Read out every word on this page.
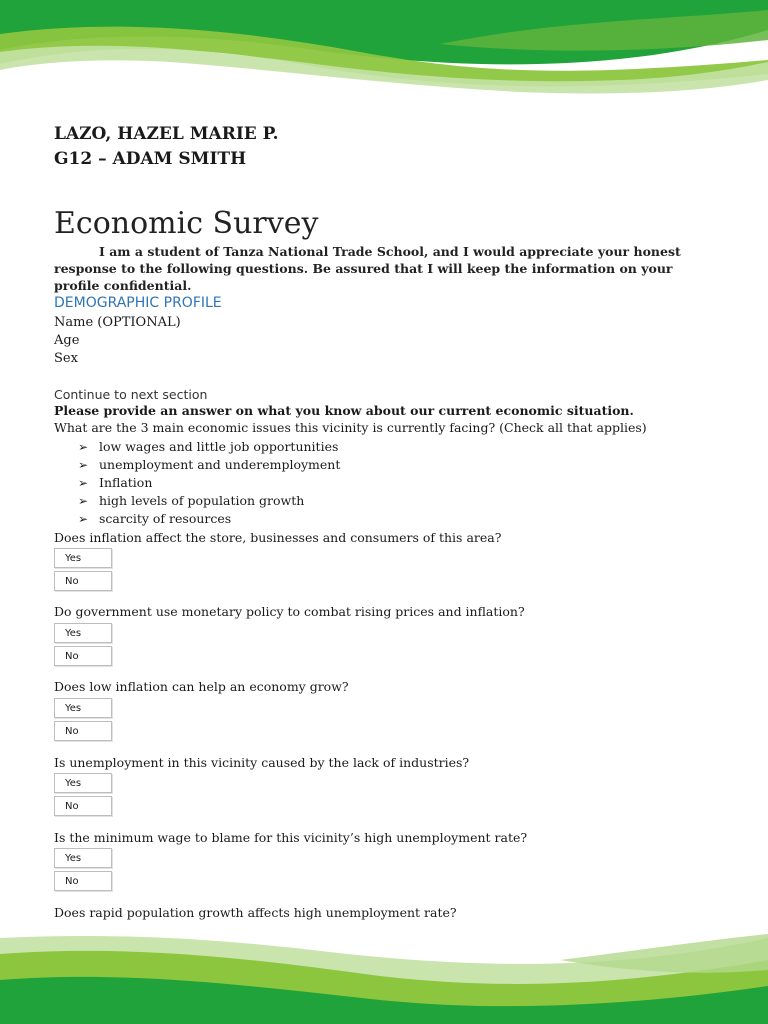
LAZO, HAZEL MARIE P.
G12 – ADAM SMITH
Economic Survey
I am a student of Tanza National Trade School, and I would appreciate your honest response to the following questions. Be assured that I will keep the information on your profile confidential.
DEMOGRAPHIC PROFILE
Name (OPTIONAL)
Age
Sex
Continue to next section
Please provide an answer on what you know about our current economic situation.
What are the 3 main economic issues this vicinity is currently facing? (Check all that applies)
➢ low wages and little job opportunities
➢ unemployment and underemployment
➢ Inflation
➢ high levels of population growth
➢ scarcity of resources
Does inflation affect the store, businesses and consumers of this area?
Yes
No
Do government use monetary policy to combat rising prices and inflation?
Yes
No
Does low inflation can help an economy grow?
Yes
No
Is unemployment in this vicinity caused by the lack of industries?
Yes
No
Is the minimum wage to blame for this vicinity’s high unemployment rate?
Yes
No
Does rapid population growth affects high unemployment rate?
